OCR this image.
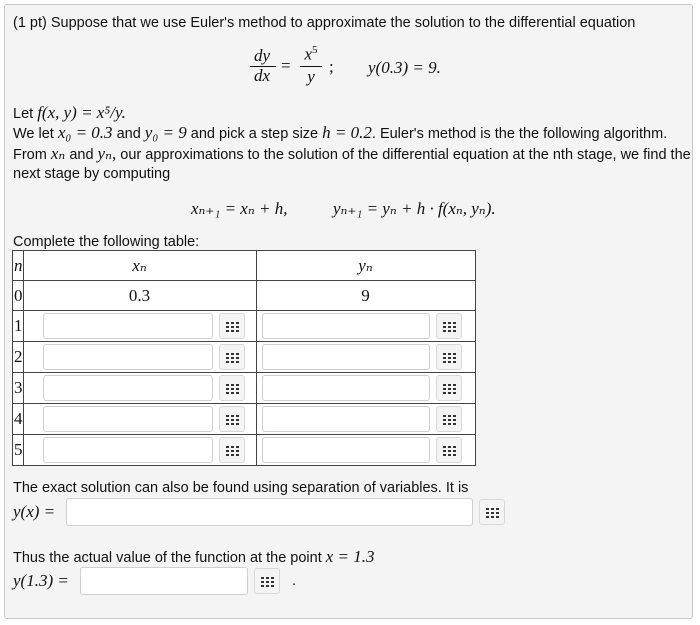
(1 pt) Suppose that we use Euler's method to approximate the solution to the differential equation
dy
dx
=
$x^5$
y
; y(0.3) = 9.
Let f(x, y) = x⁵/y.
We let x₀ = 0.3 and y₀ = 9 and pick a step size h = 0.2. Euler's method is the the following algorithm.
From xₙ and yₙ, our approximations to the solution of the differential equation at the nth stage, we find the
next stage by computing
xₙ₊₁ = xₙ + h,	yₙ₊₁ = yₙ + h · f(xₙ, yₙ).
Complete the following table:
n	xₙ	yₙ
0	0.3	9
1	

2	

3	

4	

5	

The exact solution can also be found using separation of variables. It is
y(x) =
Thus the actual value of the function at the point x = 1.3
y(1.3) =	.
